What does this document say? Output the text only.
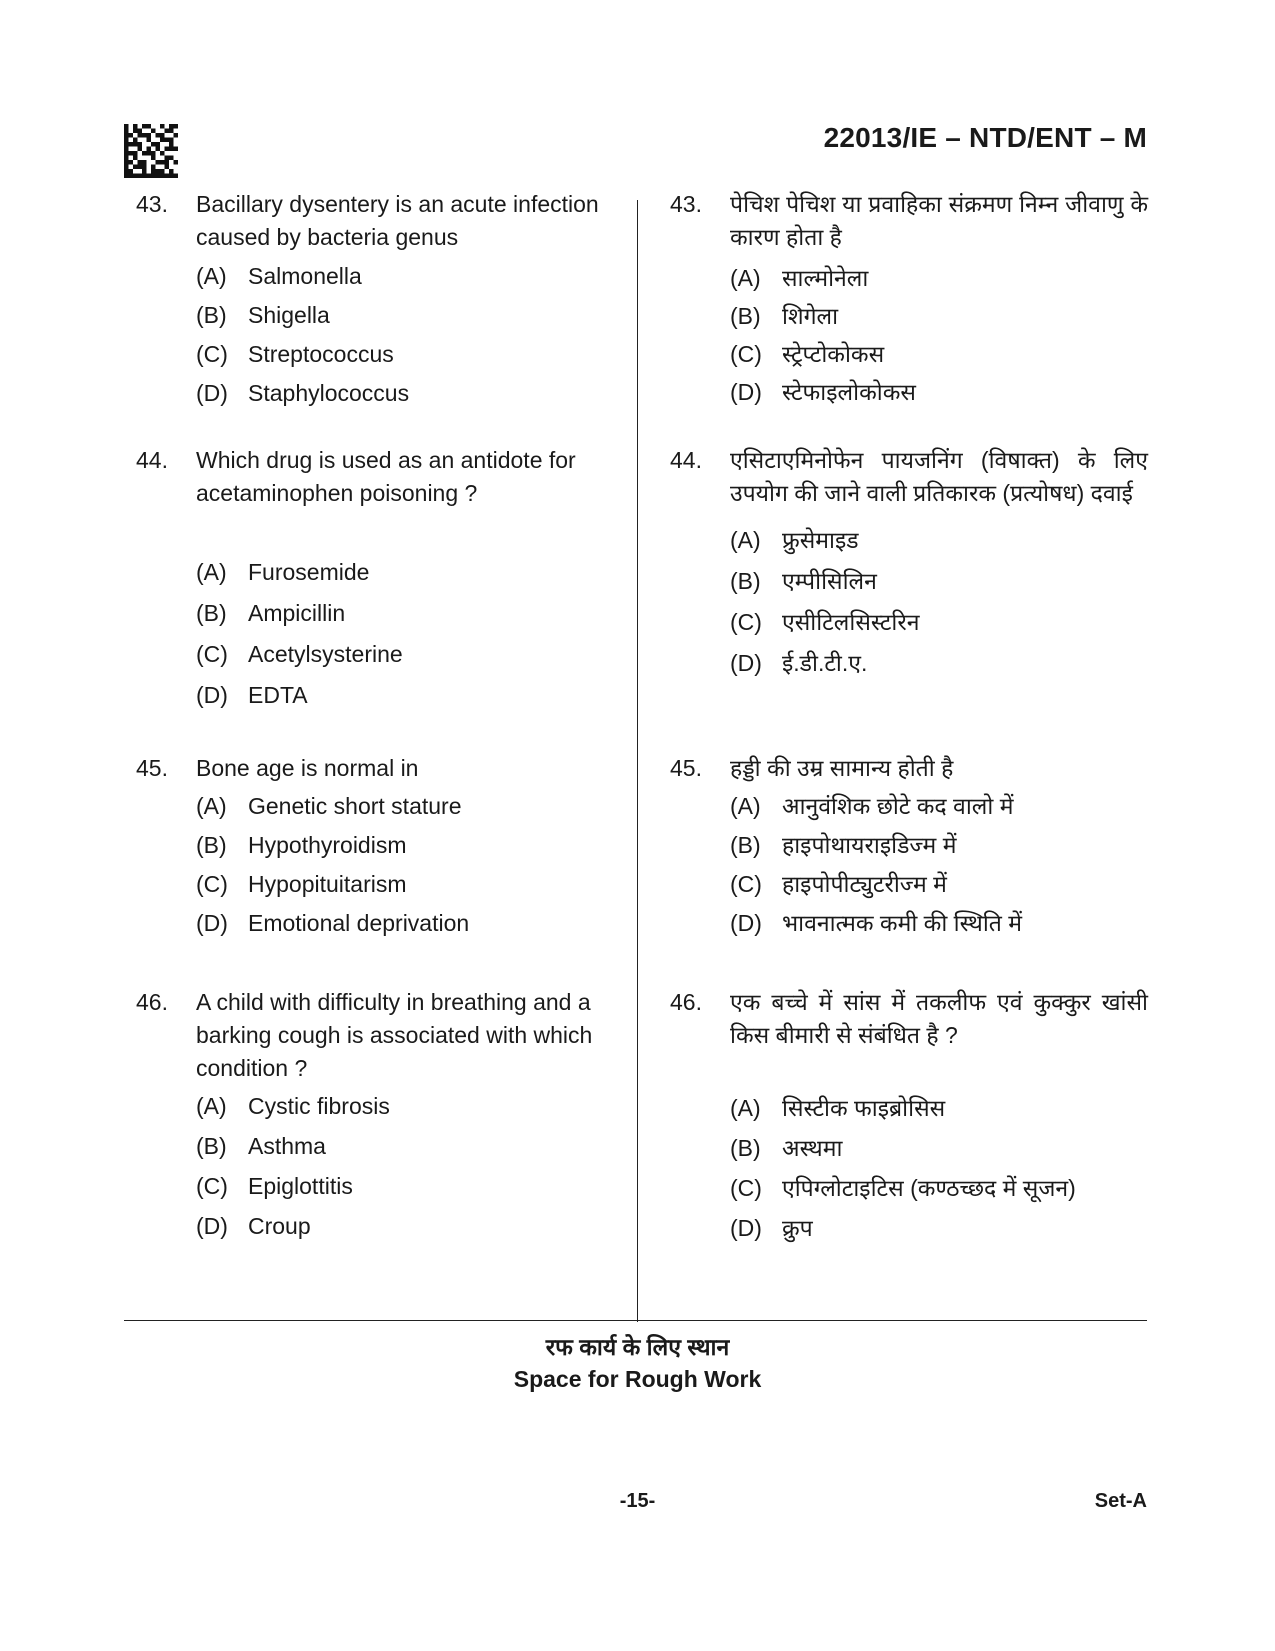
22013/IE – NTD/ENT – M
43.	Bacillary dysentery is an acute infection caused by bacteria genus
(A) Salmonella
(B) Shigella
(C) Streptococcus
(D) Staphylococcus
44.	Which drug is used as an antidote for acetaminophen poisoning ?
(A) Furosemide
(B) Ampicillin
(C) Acetylsysterine
(D) EDTA
45.	Bone age is normal in
(A) Genetic short stature
(B) Hypothyroidism
(C) Hypopituitarism
(D) Emotional deprivation
46.	A child with difficulty in breathing and a barking cough is associated with which condition ?
(A) Cystic fibrosis
(B) Asthma
(C) Epiglottitis
(D) Croup
43.	पेचिश पेचिश या प्रवाहिका संक्रमण निम्न जीवाणु के कारण होता है
(A) साल्मोनेला
(B) शिगेला
(C) स्ट्रेप्टोकोकस
(D) स्टेफाइलोकोकस
44.	एसिटाएमिनोफेन पायजनिंग (विषाक्त) के लिए उपयोग की जाने वाली प्रतिकारक (प्रत्योषध) दवाई
(A) फ्रुसेमाइड
(B) एम्पीसिलिन
(C) एसीटिलसिस्टरिन
(D) ई.डी.टी.ए.
45.	हड्डी की उम्र सामान्य होती है
(A) आनुवंशिक छोटे कद वालो में
(B) हाइपोथायराइडिज्म में
(C) हाइपोपीट्युटरीज्म में
(D) भावनात्मक कमी की स्थिति में
46.	एक बच्चे में सांस में तकलीफ एवं कुक्कुर खांसी किस बीमारी से संबंधित है ?
(A) सिस्टीक फाइब्रोसिस
(B) अस्थमा
(C) एपिग्लोटाइटिस (कण्ठच्छद में सूजन)
(D) क्रुप
रफ कार्य के लिए स्थान
Space for Rough Work
-15-	Set-A
